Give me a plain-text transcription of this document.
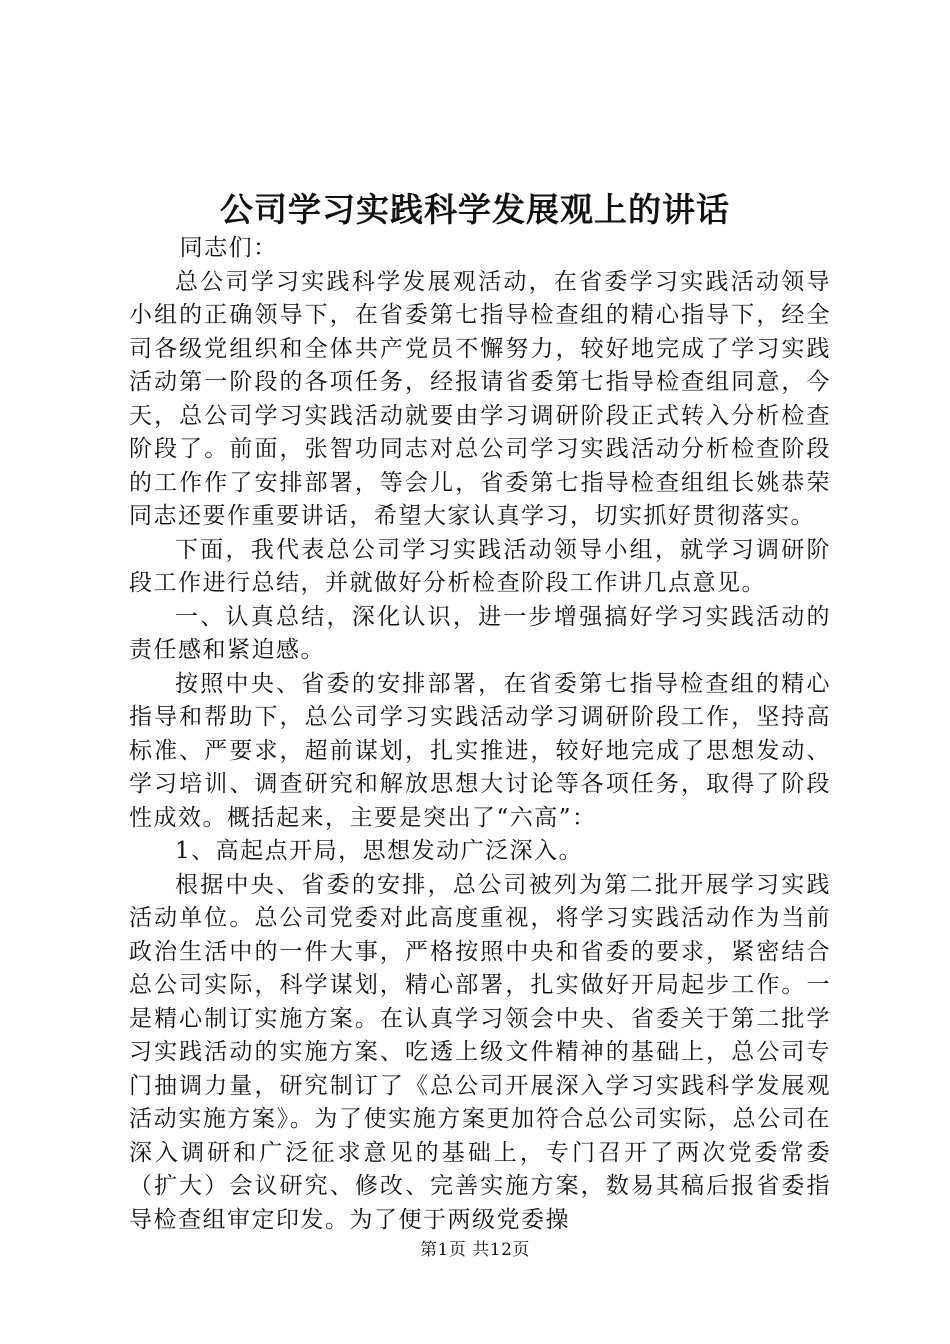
公司学习实践科学发展观上的讲话

同志们：

总公司学习实践科学发展观活动，在省委学习实践活动领导小组的正确领导下，在省委第七指导检查组的精心指导下，经全司各级党组织和全体共产党员不懈努力，较好地完成了学习实践活动第一阶段的各项任务，经报请省委第七指导检查组同意，今天，总公司学习实践活动就要由学习调研阶段正式转入分析检查阶段了。前面，张智功同志对总公司学习实践活动分析检查阶段的工作作了安排部署，等会儿，省委第七指导检查组组长姚恭荣同志还要作重要讲话，希望大家认真学习，切实抓好贯彻落实。

下面，我代表总公司学习实践活动领导小组，就学习调研阶段工作进行总结，并就做好分析检查阶段工作讲几点意见。

一、认真总结，深化认识，进一步增强搞好学习实践活动的责任感和紧迫感。

按照中央、省委的安排部署，在省委第七指导检查组的精心指导和帮助下，总公司学习实践活动学习调研阶段工作，坚持高标准、严要求，超前谋划，扎实推进，较好地完成了思想发动、学习培训、调查研究和解放思想大讨论等各项任务，取得了阶段性成效。概括起来，主要是突出了“六高”：

1、高起点开局，思想发动广泛深入。

根据中央、省委的安排，总公司被列为第二批开展学习实践活动单位。总公司党委对此高度重视，将学习实践活动作为当前政治生活中的一件大事，严格按照中央和省委的要求，紧密结合总公司实际，科学谋划，精心部署，扎实做好开局起步工作。一是精心制订实施方案。在认真学习领会中央、省委关于第二批学习实践活动的实施方案、吃透上级文件精神的基础上，总公司专门抽调力量，研究制订了《总公司开展深入学习实践科学发展观活动实施方案》。为了使实施方案更加符合总公司实际，总公司在深入调研和广泛征求意见的基础上，专门召开了两次党委常委（扩大）会议研究、修改、完善实施方案，数易其稿后报省委指导检查组审定印发。为了便于两级党委操

第1页 共12页
